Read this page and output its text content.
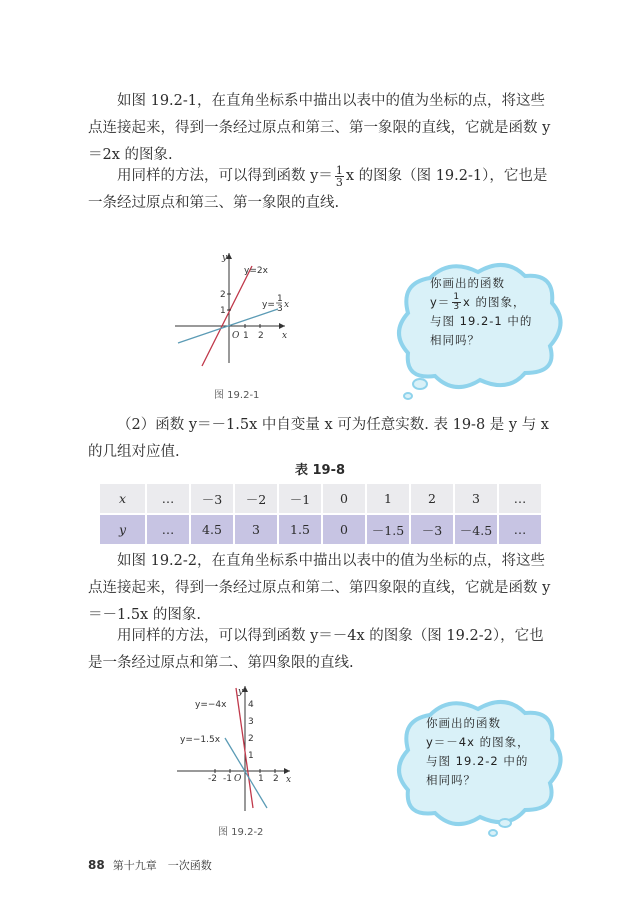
如图 19.2-1，在直角坐标系中描出以表中的值为坐标的点，将这些点连接起来，得到一条经过原点和第三、第一象限的直线，它就是函数 y＝2x 的图象.

用同样的方法，可以得到函数 $y= \frac{1}{3}$ x 的图象（图 19.2-1），它也是一条经过原点和第三、第一象限的直线.

1 2
1
2
O	x
y
y=2x
y=
1
3 x
图 19.2-1
你画出的函数
$y= \frac{1}{3}$ x 的图象，
与图 19.2-1 中的
相同吗？

（2）函数 y＝－1.5x 中自变量 x 可为任意实数. 表 19-8 是 y 与 x 的几组对应值.

表 19-8
x	…	－3	－2	－1	0	1	2	3	…
y	…	4.5	3	1.5	0	－1.5	－3	－4.5	…

如图 19.2-2，在直角坐标系中描出以表中的值为坐标的点，将这些点连接起来，得到一条经过原点和第二、第四象限的直线，它就是函数 y＝－1.5x 的图象.

用同样的方法，可以得到函数 y＝－4x 的图象（图 19.2-2），它也是一条经过原点和第二、第四象限的直线.

-2 -1	1 2
O	x
y
1
2
3
4
y=−4x
y=−1.5x
图 19.2-2
你画出的函数
y＝－4x 的图象，
与图 19.2-2 中的
相同吗？
88 第十九章　一次函数
